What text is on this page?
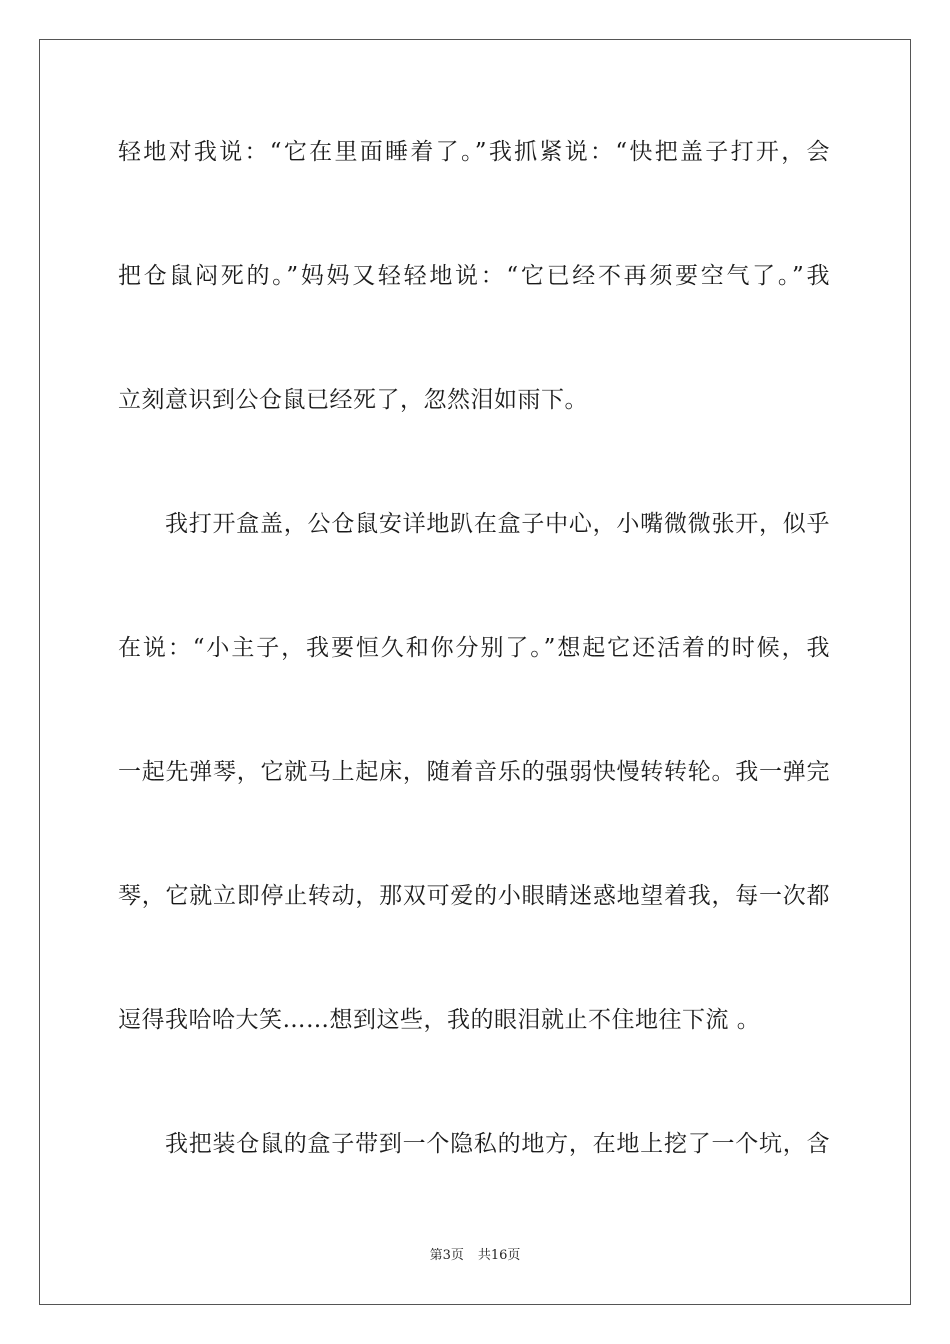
轻地对我说：“它在里面睡着了。”我抓紧说：“快把盖子打开，会
把仓鼠闷死的。”妈妈又轻轻地说：“它已经不再须要空气了。”我
立刻意识到公仓鼠已经死了，忽然泪如雨下。
我打开盒盖，公仓鼠安详地趴在盒子中心，小嘴微微张开，似乎
在说：“小主子，我要恒久和你分别了。”想起它还活着的时候，我
一起先弹琴，它就马上起床，随着音乐的强弱快慢转转轮。我一弹完
琴，它就立即停止转动，那双可爱的小眼睛迷惑地望着我，每一次都
逗得我哈哈大笑……想到这些，我的眼泪就止不住地往下流 。
我把装仓鼠的盒子带到一个隐私的地方，在地上挖了一个坑，含
第3页 共16页
